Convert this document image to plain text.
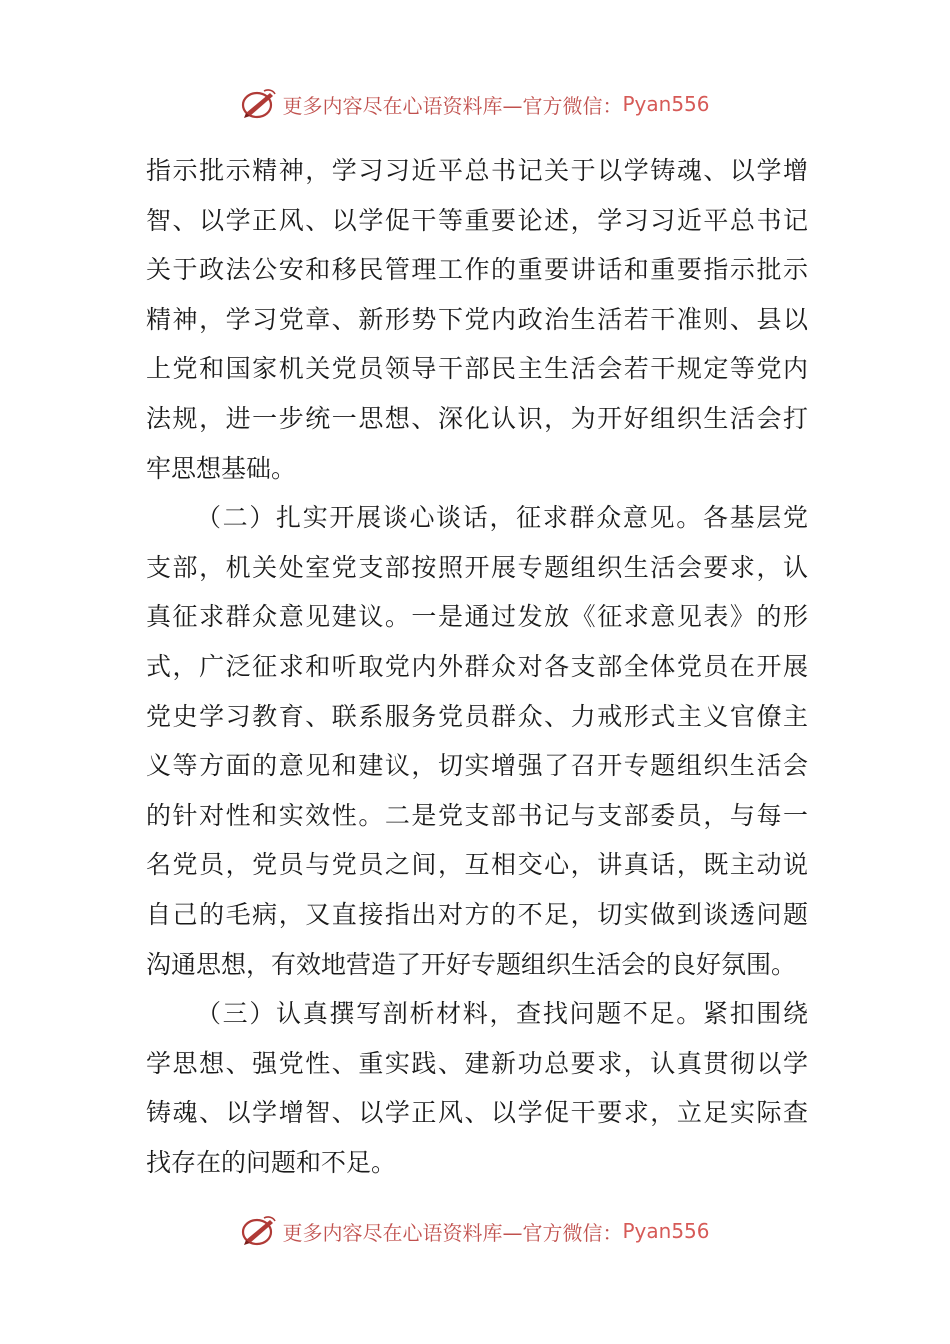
更多内容尽在心语资料库—官方微信： Pyan556
指示批示精神，学习习近平总书记关于以学铸魂、以学增
智、以学正风、以学促干等重要论述，学习习近平总书记
关于政法公安和移民管理工作的重要讲话和重要指示批示
精神，学习党章、新形势下党内政治生活若干准则、县以
上党和国家机关党员领导干部民主生活会若干规定等党内
法规，进一步统一思想、深化认识，为开好组织生活会打
牢思想基础。
（二）扎实开展谈心谈话，征求群众意见。各基层党
支部，机关处室党支部按照开展专题组织生活会要求，认
真征求群众意见建议。一是通过发放《征求意见表》的形
式，广泛征求和听取党内外群众对各支部全体党员在开展
党史学习教育、联系服务党员群众、力戒形式主义官僚主
义等方面的意见和建议，切实增强了召开专题组织生活会
的针对性和实效性。二是党支部书记与支部委员，与每一
名党员，党员与党员之间，互相交心，讲真话，既主动说
自己的毛病，又直接指出对方的不足，切实做到谈透问题
沟通思想，有效地营造了开好专题组织生活会的良好氛围。
（三）认真撰写剖析材料，查找问题不足。紧扣围绕
学思想、强党性、重实践、建新功总要求，认真贯彻以学
铸魂、以学增智、以学正风、以学促干要求，立足实际查
找存在的问题和不足。
更多内容尽在心语资料库—官方微信： Pyan556
